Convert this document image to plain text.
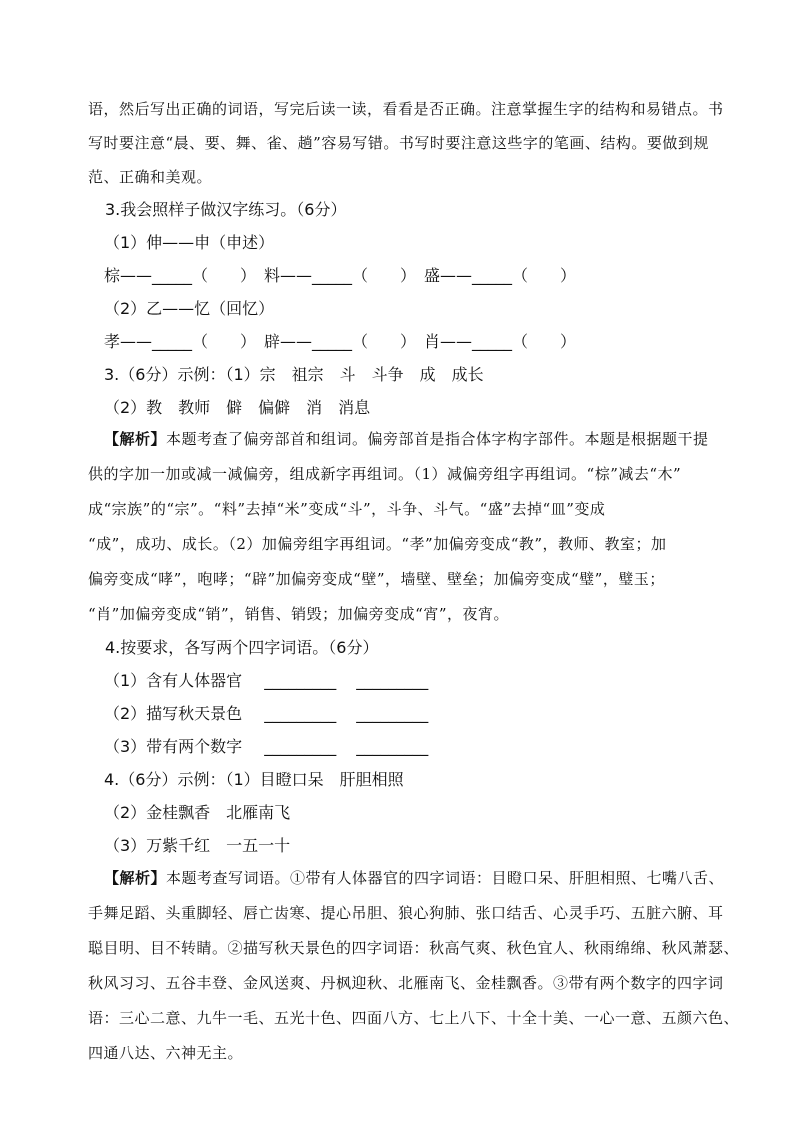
语，然后写出正确的词语，写完后读一读，看看是否正确。注意掌握生字的结构和易错点。书
写时要注意“晨、要、舞、雀、趟”容易写错。书写时要注意这些字的笔画、结构。要做到规
范、正确和美观。
3.我会照样子做汉字练习。（6分）
（1）伸——申（申述）
棕——_____（　　）　料——_____（　　）　盛——_____（　　）
（2）乙——忆（回忆）
孝——_____（　　）　辟——_____（　　）　肖——_____（　　）
3.（6分）示例：（1）宗　祖宗　斗　斗争　成　成长
（2）教　教师　僻　偏僻　消　消息
【解析】本题考查了偏旁部首和组词。偏旁部首是指合体字构字部件。本题是根据题干提
供的字加一加或减一减偏旁，组成新字再组词。（1）减偏旁组字再组词。“棕”减去“木”
成“宗族”的“宗”。“料”去掉“米”变成“斗”，斗争、斗气。“盛”去掉“皿”变成
“成”，成功、成长。（2）加偏旁组字再组词。“孝”加偏旁变成“教”，教师、教室；加
偏旁变成“哮”，咆哮；“辟”加偏旁变成“壁”，墙壁、壁垒；加偏旁变成“璧”，璧玉；
“肖”加偏旁变成“销”，销售、销毁；加偏旁变成“宵”，夜宵。
4.按要求，各写两个四字词语。（6分）
（1）含有人体器官 _________ _________
（2）描写秋天景色 _________ _________
（3）带有两个数字 _________ _________
4.（6分）示例：（1）目瞪口呆　肝胆相照
（2）金桂飘香　北雁南飞
（3）万紫千红　一五一十
【解析】本题考查写词语。①带有人体器官的四字词语：目瞪口呆、肝胆相照、七嘴八舌、
手舞足蹈、头重脚轻、唇亡齿寒、提心吊胆、狼心狗肺、张口结舌、心灵手巧、五脏六腑、耳
聪目明、目不转睛。②描写秋天景色的四字词语：秋高气爽、秋色宜人、秋雨绵绵、秋风萧瑟、
秋风习习、五谷丰登、金风送爽、丹枫迎秋、北雁南飞、金桂飘香。③带有两个数字的四字词
语：三心二意、九牛一毛、五光十色、四面八方、七上八下、十全十美、一心一意、五颜六色、
四通八达、六神无主。
